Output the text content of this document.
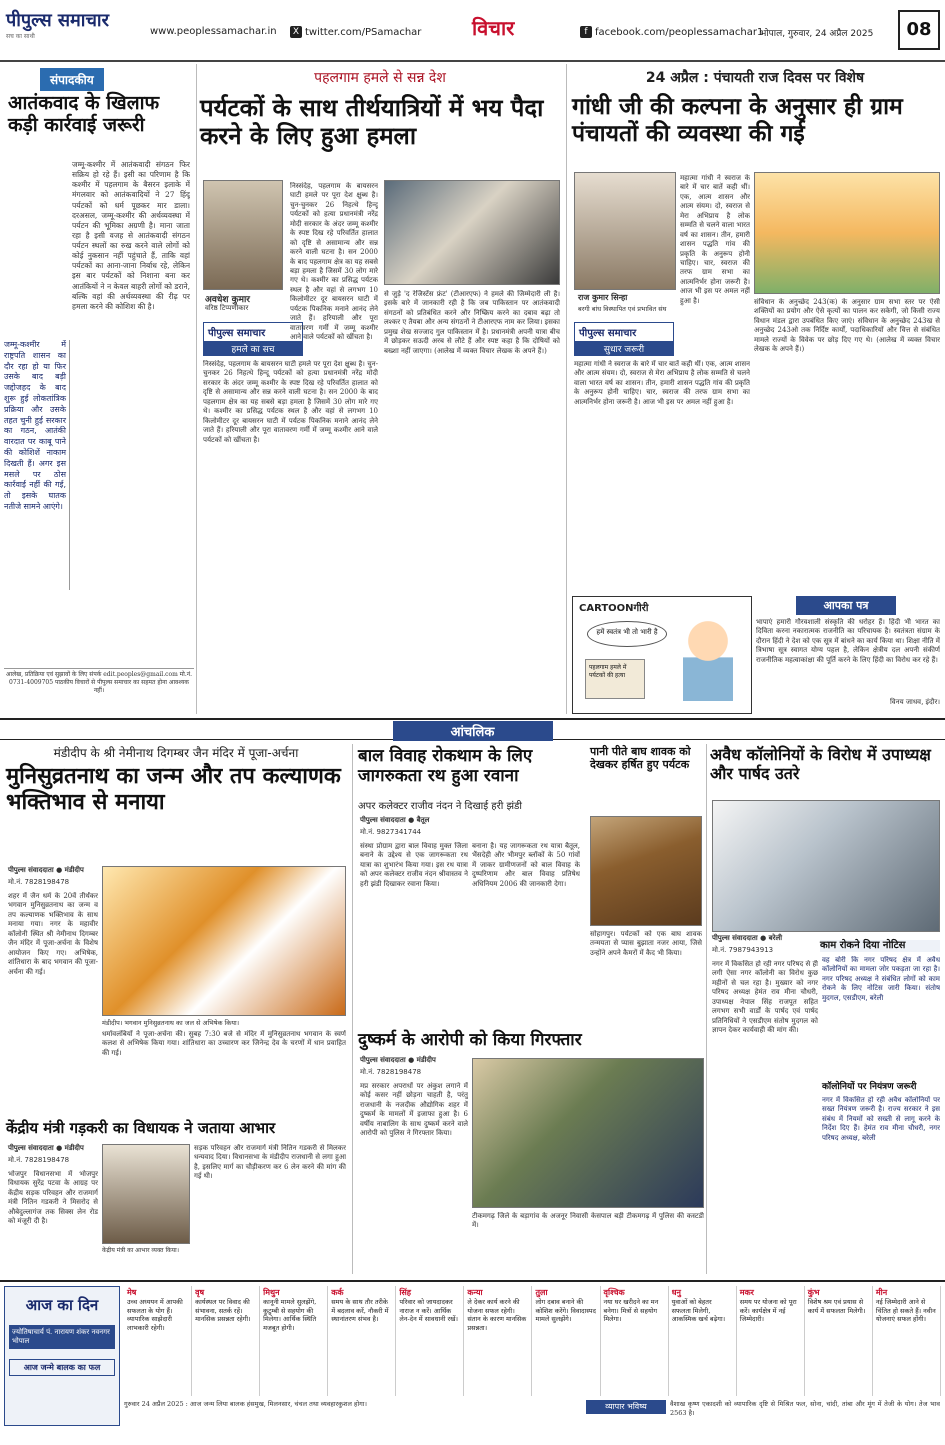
पीपुल्स समाचार
सच का साथी	www.peoplessamachar.in	X twitter.com/PSamachar	विचार	f facebook.com/peoplessamachar1
भोपाल, गुरुवार, 24 अप्रैल 2025	08
संपादकीय
आतंकवाद के खिलाफ कड़ी कार्रवाई जरूरी
जम्मू-कश्मीर में आतंकवादी संगठन फिर सक्रिय हो रहे हैं। इसी का परिणाम है कि कश्मीर में पहलगाम के बैसरन इलाके में मंगलवार को आतंकवादियों ने 27 हिंदू पर्यटकों को धर्म पूछकर मार डाला। दरअसल, जम्मू-कश्मीर की अर्थव्यवस्था में पर्यटन की भूमिका अग्रणी है। माना जाता रहा है इसी वजह से आतंकवादी संगठन पर्यटन स्थलों का रुख करने वाले लोगों को कोई नुकसान नहीं पहुंचाते हैं, ताकि वहां पर्यटकों का आना-जाना निर्बाध रहे, लेकिन इस बार पर्यटकों को निशाना बना कर आतंकियों ने न केवल बाहरी लोगों को डराने, बल्कि वहां की अर्थव्यवस्था की रीढ़ पर हमला करने की कोशिश की है।
जम्मू-कश्मीर में राष्ट्रपति शासन का दौर रहा हो या फिर उसके बाद बड़ी जद्दोजहद के बाद शुरू हुई लोकतांत्रिक प्रक्रिया और उसके तहत चुनी हुई सरकार का गठन, आतंकी वारदात पर काबू पाने की कोशिशें नाकाम दिखती हैं। अगर इस मसले पर ठोस कार्रवाई नहीं की गई, तो इसके घातक नतीजे सामने आएंगे।
आलेख, प्रतिक्रिया एवं सुझावों के लिए संपर्क edit.peoples@gmail.com मो.नं. 0731-4009705 पाठकीय विचारों से पीपुल्स समाचार का सहमत होना आवश्यक नहीं।
पहलगाम हमले से सन्न देश
पर्यटकों के साथ तीर्थयात्रियों में भय पैदा करने के लिए हुआ हमला
अवधेश कुमार
वरिष्ठ टिप्पणीकार
पीपुल्स समाचार
हमले का सच
निस्संदेह, पहलगाम के बायसरन घाटी हमले पर पूरा देश क्षुब्ध है। चुन-चुनकर 26 निहत्थे हिन्दू पर्यटकों को हत्या प्रधानमंत्री नरेंद्र मोदी सरकार के अंदर जम्मू कश्मीर के स्पष्ट दिख रहे परिवर्तित हालात को दृष्टि से असामान्य और सन्न करने वाली घटना है। सन 2000 के बाद पहलगाम क्षेत्र का यह सबसे बड़ा हमला है जिसमें 30 लोग मारे गए थे। कश्मीर का प्रसिद्ध पर्यटक स्थल है और वहां से लगभग 10 किलोमीटर दूर बायसरन घाटी में पर्यटक पिकनिक मनाने आनंद लेने जाते हैं। हरियाली और पूरा वातावरण गर्मी में जम्मू कश्मीर आने वाले पर्यटकों को खींचता है।
निस्संदेह, पहलगाम के बायसरन घाटी हमले पर पूरा देश क्षुब्ध है। चुन-चुनकर 26 निहत्थे हिन्दू पर्यटकों को हत्या प्रधानमंत्री नरेंद्र मोदी सरकार के अंदर जम्मू कश्मीर के स्पष्ट दिख रहे परिवर्तित हालात को दृष्टि से असामान्य और सन्न करने वाली घटना है। सन 2000 के बाद पहलगाम क्षेत्र का यह सबसे बड़ा हमला है जिसमें 30 लोग मारे गए थे। कश्मीर का प्रसिद्ध पर्यटक स्थल है और वहां से लगभग 10 किलोमीटर दूर बायसरन घाटी में पर्यटक पिकनिक मनाने आनंद लेने जाते हैं। हरियाली और पूरा वातावरण गर्मी में जम्मू कश्मीर आने वाले पर्यटकों को खींचता है।
से जुड़े 'द रेजिस्टेंस फ्रंट' (टीआरएफ) ने हमले की जिम्मेदारी ली है। इसके बारे में जानकारी रही है कि जब पाकिस्तान पर आतंकवादी संगठनों को प्रतिबंधित करने और निष्क्रिय करने का दबाव बढ़ा तो लश्कर ए तैयबा और अन्य संगठनों ने टीआरएफ नाम कर लिया। इसका प्रमुख शेख सज्जाद गुल पाकिस्तान में है। प्रधानमंत्री अपनी यात्रा बीच में छोड़कर सऊदी अरब से लौटे हैं और स्पष्ट कहा है कि दोषियों को बख्शा नहीं जाएगा। (आलेख में व्यक्त विचार लेखक के अपने हैं।)
24 अप्रैल : पंचायती राज दिवस पर विशेष
गांधी जी की कल्पना के अनुसार ही ग्राम पंचायतों की व्यवस्था की गई
राज कुमार सिन्हा
बरगी बांध विस्थापित एवं प्रभावित संघ
पीपुल्स समाचार
सुधार जरूरी
महात्मा गांधी ने स्वराज के बारे में चार बातें कही थीं। एक, आत्म शासन और आत्म संयम। दो, स्वराज से मेरा अभिप्राय है लोक सम्मति से चलने वाला भारत वर्ष का शासन। तीन, हमारी शासन पद्धति गांव की प्रकृति के अनुरूप होनी चाहिए। चार, स्वराज की तरफ ग्राम सभा का आत्मनिर्भर होना जरूरी है। आज भी इस पर अमल नहीं हुआ है।	संविधान के अनुच्छेद 243(क) के अनुसार ग्राम सभा स्तर पर ऐसी शक्तियों का प्रयोग और ऐसे कृत्यों का पालन कर सकेगी, जो किसी राज्य विधान मंडल द्वारा उपबंधित किए जाएं। संविधान के अनुच्छेद 243ख से अनुच्छेद 243ओ तक निर्दिष्ट कार्यों, पदाधिकारियों और वित्त से संबंधित मामले राज्यों के विवेक पर छोड़ दिए गए थे। (आलेख में व्यक्त विचार लेखक के अपने हैं।)
महात्मा गांधी ने स्वराज के बारे में चार बातें कही थीं। एक, आत्म शासन और आत्म संयम। दो, स्वराज से मेरा अभिप्राय है लोक सम्मति से चलने वाला भारत वर्ष का शासन। तीन, हमारी शासन पद्धति गांव की प्रकृति के अनुरूप होनी चाहिए। चार, स्वराज की तरफ ग्राम सभा का आत्मनिर्भर होना जरूरी है। आज भी इस पर अमल नहीं हुआ है।
CARTOONगीरी
हमें स्वतंत्र भी तो भारी है
पहलगाम हमले में पर्यटकों की हत्या
आपका पत्र
भापाएं हमारी गौरवशाली संस्कृति की धरोहर हैं। हिंदी भी भारत का दिविता करना नकारात्मक राजनीति का परिचायक है। स्वतंत्रता संग्राम के दौरान हिंदी ने देश को एक सूत्र में बांधने का कार्य किया था। शिक्षा नीति में त्रिभाषा सूत्र स्वागत योग्य पहल है, लेकिन क्षेत्रीय दल अपनी संकीर्ण राजनीतिक महत्वाकांक्षा की पूर्ति करने के लिए हिंदी का विरोध कर रहे हैं।
विनय जाधव, इंदौर।
आंचलिक
मंडीदीप के श्री नेमीनाथ दिगम्बर जैन मंदिर में पूजा-अर्चना
मुनिसुव्रतनाथ का जन्म और तप कल्याणक भक्तिभाव से मनाया
पीपुल्स संवाददाता ● मंडीदीप
मो.नं. 7828198478
शहर में जैन धर्म के 20वें तीर्थंकर भगवान मुनिसुव्रतनाथ का जन्म व तप कल्याणक भक्तिभाव के साथ मनाया गया। नगर के महावीर कॉलोनी स्थित श्री नेमीनाथ दिगम्बर जैन मंदिर में पूजा-अर्चना के विशेष आयोजन किए गए। अभिषेक, शांतिधारा के बाद भगवान की पूजा-अर्चना की गई।
मंडीदीप। भगवान मुनिसुव्रतनाथ का जल से अभिषेक किया।
धर्मावलंबियों ने पूजा-अर्चना की। सुबह 7:30 बजे से मंदिर में मुनिसुव्रतनाथ भगवान के स्वर्ण कलश से अभिषेक किया गया। शांतिधारा का उच्चारण कर जिनेन्द्र देव के चरणों में धान प्रवाहित की गई।
केंद्रीय मंत्री गड़करी का विधायक ने जताया आभार
पीपुल्स संवाददाता ● मंडीदीप
मो.नं. 7828198478
भोजपुर विधानसभा में भोजपुर विधायक सुरेंद्र पटवा के आग्रह पर केंद्रीय सड़क परिवहन और राजमार्ग मंत्री नितिन गडकरी ने मिसरोद से औबेदुल्लागंज तक सिक्स लेन रोड को मंजूरी दी है।
केंद्रीय मंत्री का आभार व्यक्त किया।
सड़क परिवहन और राजमार्ग मंत्री नितिन गडकरी से मिलकर धन्यवाद दिया। विधानसभा के मंडीदीप राजधानी से लगा हुआ है, इसलिए मार्ग का चौड़ीकरण कर 6 लेन करने की मांग की गई थी।
बाल विवाह रोकथाम के लिए जागरुकता रथ हुआ रवाना
अपर कलेक्टर राजीव नंदन ने दिखाई हरी झंडी
पीपुल्स संवाददाता ● बैतूल
मो.नं. 9827341744
संस्था प्रोग्राम द्वारा बाल विवाह मुक्त जिला बनाने के उद्देश्य से एक जागरूकता रथ यात्रा का शुभारंभ किया गया। इस रथ यात्रा को अपर कलेक्टर राजीव नंदन श्रीवास्तव ने हरी झंडी दिखाकर रवाना किया।
बनाना है। यह जागरूकता रथ यात्रा बैतूल, भैंसदेही और भीमपुर ब्लॉकों के 50 गांवों में जाकर ग्रामीणजनों को बाल विवाह के दुष्परिणाम और बाल विवाह प्रतिषेध अधिनियम 2006 की जानकारी देगा।
पानी पीते बाघ शावक को देखकर हर्षित हुए पर्यटक
सोहागपुर। पर्यटकों को एक बाघ शावक तन्मयता से प्यास बुझाता नजर आया, जिसे उन्होंने अपने कैमरों में कैद भी किया।
अवैध कॉलोनियों के विरोध में उपाध्यक्ष और पार्षद उतरे
पीपुल्स संवाददाता ● बरेली
मो.नं. 7987943913	काम रोकने दिया नोटिस
नगर में विकसित हो रही नगर परिषद से ही लगी ऐसा नगर कॉलोनी का विरोध कुछ महीनों से चल रहा है। मुख्यार को नगर परिषद अध्यक्ष हेमंत राव मीना चौधरी, उपाध्यक्ष नेपाल सिंह राजपूत सहित लगभग सभी वार्डों के पार्षद एवं पार्षद प्रतिनिधियों ने एसडीएम संतोष मुदगल को ज्ञापन देकर कार्यवाही की मांग की।
वह बोरी कि नगर परिषद क्षेत्र में अवैध कॉलोनियों का मामला जोर पकड़ता जा रहा है। नगर परिषद अध्यक्ष ने संबंधित लोगों को काम रोकने के लिए नोटिस जारी किया। संतोष मुदगल, एसडीएम, बरेली
कॉलोनियों पर नियंत्रण जरूरी
नगर में विकसित हो रही अवैध कॉलोनियों पर सख्त नियंत्रण जरूरी है। राज्य सरकार ने इस संबंध में नियमों को सख्ती से लागू करने के निर्देश दिए हैं। हेमंत राव मीना चौधरी, नगर परिषद अध्यक्ष, बरेली
दुष्कर्म के आरोपी को किया गिरफ्तार
पीपुल्स संवाददाता ● मंडीदीप
मो.नं. 7828198478
मप्र सरकार अपराधों पर अंकुश लगाने में कोई कसर नहीं छोड़ना चाहती है, परंतु राजधानी के नजदीक औद्योगिक शहर में दुष्कर्म के मामलों में इजाफा हुआ है। 6 वर्षीय नाबालिग के साथ दुष्कर्म करने वाले आरोपी को पुलिस ने गिरफ्तार किया।
टीकमगढ़ जिले के बड़ागांव के अजनूर निवासी केसपाल बड़ी टीकमगढ़ में पुलिस की कस्टडी में।
आज का दिन
ज्योतिषाचार्य पं. नारायण शंकर नवनगर भोपाल
आज जन्मे बालक का फल
मेष
उच्च अध्ययन में आपकी सफलता के योग हैं। व्यापारिक साझेदारी लाभकारी रहेगी।
वृष
कार्यस्थल पर विवाद की संभावना, सतर्क रहें। मानसिक प्रसन्नता रहेगी।
मिथुन
कानूनी मामले सुलझेंगे, कुटुम्बी से सहयोग की मिलेगा। आर्थिक स्थिति मजबूत होगी।
कर्क
समय के साथ तौर तरीके में बदलाव करें, नौकरी में स्थानांतरण संभव है।
सिंह
परिवार को जायदादकर नाराज न करें। आर्थिक लेन-देन में सावधानी रखें।
कन्या
ले देकर कार्य करने की योजना सफल रहेगी। संतान के कारण मानसिक प्रसन्नता।
तुला
लोग दबाव बनाने की कोशिश करेंगे। विवादास्पद मामले सुलझेंगे।
वृश्चिक
नया घर खरीदने का मन बनेगा। मित्रों से सहयोग मिलेगा।
धनु
युवाओं को बेहतर सफलता मिलेगी, आकस्मिक खर्च बढ़ेगा।
मकर
समय पर योजना को पूरा करें। कार्यक्षेत्र में नई जिम्मेदारी।
कुंभ
विशेष श्रम एवं प्रयास से कार्य में सफलता मिलेगी।
मीन
नई जिम्मेदारी आने से चिंतित हो सकते हैं। नवीन योजनाएं सफल होंगी।
गुरुवार 24 अप्रैल 2025 : आज जन्म लिया बालक हंसमुख, मिलनसार, चंचल तथा व्यवहारकुशल होगा।	व्यापार भविष्य	वैशाख कृष्ण एकादशी को व्यापारिक दृष्टि से मिश्रित फल, सोना, चांदी, तांबा और मूंग में तेजी के योग। तेज भाव 2563 है।
